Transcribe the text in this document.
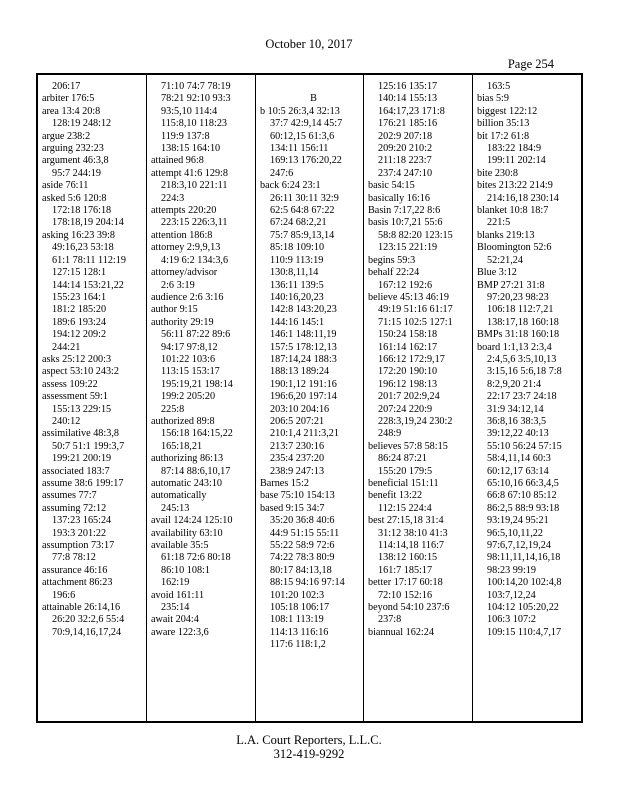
October 10, 2017
Page 254
206:17
arbiter 176:5
area 13:4 20:8
128:19 248:12
argue 238:2
arguing 232:23
argument 46:3,8
95:7 244:19
aside 76:11
asked 5:6 120:8
172:18 176:18
178:18,19 204:14
asking 16:23 39:8
49:16,23 53:18
61:1 78:11 112:19
127:15 128:1
144:14 153:21,22
155:23 164:1
181:2 185:20
189:6 193:24
194:12 209:2
244:21
asks 25:12 200:3
aspect 53:10 243:2
assess 109:22
assessment 59:1
155:13 229:15
240:12
assimilative 48:3,8
50:7 51:1 199:3,7
199:21 200:19
associated 183:7
assume 38:6 199:17
assumes 77:7
assuming 72:12
137:23 165:24
193:3 201:22
assumption 73:17
77:8 78:12
assurance 46:16
attachment 86:23
196:6
attainable 26:14,16
26:20 32:2,6 55:4
70:9,14,16,17,24
71:10 74:7 78:19
78:21 92:10 93:3
93:5,10 114:4
115:8,10 118:23
119:9 137:8
138:15 164:10
attained 96:8
attempt 41:6 129:8
218:3,10 221:11
224:3
attempts 220:20
223:15 226:3,11
attention 186:8
attorney 2:9,9,13
4:19 6:2 134:3,6
attorney/advisor
2:6 3:19
audience 2:6 3:16
author 9:15
authority 29:19
56:11 87:22 89:6
94:17 97:8,12
101:22 103:6
113:15 153:17
195:19,21 198:14
199:2 205:20
225:8
authorized 89:8
156:18 164:15,22
165:18,21
authorizing 86:13
87:14 88:6,10,17
automatic 243:10
automatically
245:13
avail 124:24 125:10
availability 63:10
available 35:5
61:18 72:6 80:18
86:10 108:1
162:19
avoid 161:11
235:14
await 204:4
aware 122:3,6

B
b 10:5 26:3,4 32:13
37:7 42:9,14 45:7
60:12,15 61:3,6
134:11 156:11
169:13 176:20,22
247:6
back 6:24 23:1
26:11 30:11 32:9
62:5 64:8 67:22
67:24 68:2,21
75:7 85:9,13,14
85:18 109:10
110:9 113:19
130:8,11,14
136:11 139:5
140:16,20,23
142:8 143:20,23
144:16 145:1
146:1 148:11,19
157:5 178:12,13
187:14,24 188:3
188:13 189:24
190:1,12 191:16
196:6,20 197:14
203:10 204:16
206:5 207:21
210:1,4 211:3,21
213:7 230:16
235:4 237:20
238:9 247:13
Barnes 15:2
base 75:10 154:13
based 9:15 34:7
35:20 36:8 40:6
44:9 51:15 55:11
55:22 58:9 72:6
74:22 78:3 80:9
80:17 84:13,18
88:15 94:16 97:14
101:20 102:3
105:18 106:17
108:1 113:19
114:13 116:16
117:6 118:1,2
125:16 135:17
140:14 155:13
164:17,23 171:8
176:21 185:16
202:9 207:18
209:20 210:2
211:18 223:7
237:4 247:10
basic 54:15
basically 16:16
Basin 7:17,22 8:6
basis 10:7,21 55:6
58:8 82:20 123:15
123:15 221:19
begins 59:3
behalf 22:24
167:12 192:6
believe 45:13 46:19
49:19 51:16 61:17
71:15 102:5 127:1
150:24 158:18
161:14 162:17
166:12 172:9,17
172:20 190:10
196:12 198:13
201:7 202:9,24
207:24 220:9
228:3,19,24 230:2
248:9
believes 57:8 58:15
86:24 87:21
155:20 179:5
beneficial 151:11
benefit 13:22
112:15 224:4
best 27:15,18 31:4
31:12 38:10 41:3
114:14,18 116:7
138:12 160:15
161:7 185:17
better 17:17 60:18
72:10 152:16
beyond 54:10 237:6
237:8
biannual 162:24
163:5
bias 5:9
biggest 122:12
billion 35:13
bit 17:2 61:8
183:22 184:9
199:11 202:14
bite 230:8
bites 213:22 214:9
214:16,18 230:14
blanket 10:8 18:7
221:5
blanks 219:13
Bloomington 52:6
52:21,24
Blue 3:12
BMP 27:21 31:8
97:20,23 98:23
106:18 112:7,21
138:17,18 160:18
BMPs 31:18 160:18
board 1:1,13 2:3,4
2:4,5,6 3:5,10,13
3:15,16 5:6,18 7:8
8:2,9,20 21:4
22:17 23:7 24:18
31:9 34:12,14
36:8,16 38:3,5
39:12,22 40:13
55:10 56:24 57:15
58:4,11,14 60:3
60:12,17 63:14
65:10,16 66:3,4,5
66:8 67:10 85:12
86:2,5 88:9 93:18
93:19,24 95:21
96:5,10,11,22
97:6,7,12,19,24
98:11,11,14,16,18
98:23 99:19
100:14,20 102:4,8
103:7,12,24
104:12 105:20,22
106:3 107:2
109:15 110:4,7,17
L.A. Court Reporters, L.L.C.
312-419-9292
